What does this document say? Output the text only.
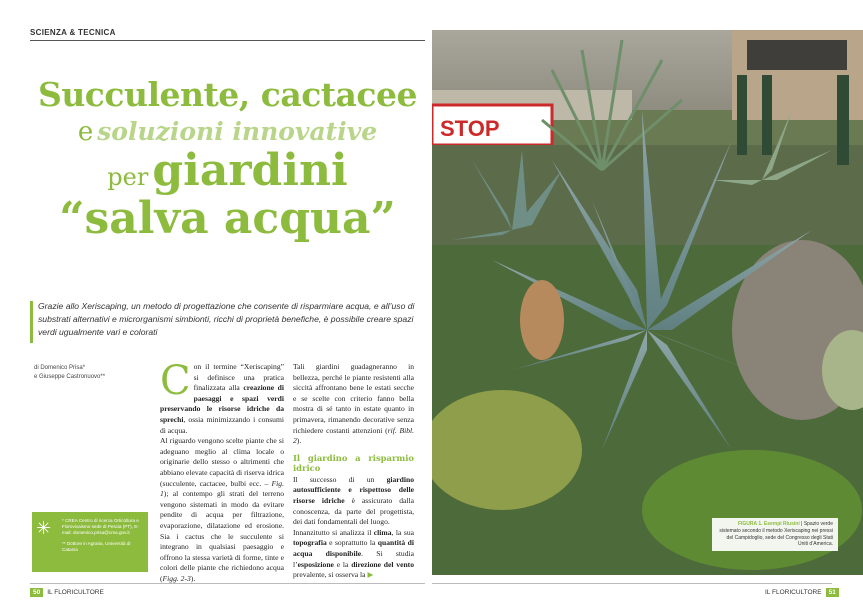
SCIENZA & TECNICA
Succulente, cactacee
e soluzioni innovative
per giardini
“salva acqua”
Grazie allo Xeriscaping, un metodo di progettazione che consente di risparmiare acqua, e all’uso di substrati alternativi e microrganismi simbionti, ricchi di proprietà benefiche, è possibile creare spazi verdi ugualmente vari e colorati
di Domenico Prisa*
e Giuseppe Castronuovo** Con il termine “Xeriscaping” si definisce una pratica finalizzata alla creazione di paesaggi e spazi verdi preservando le risorse idriche da sprechi, ossia minimizzando i consumi di acqua.

Al riguardo vengono scelte piante che si adeguano meglio al clima locale o originarie dello stesso o altrimenti che abbiano elevate capacità di riserva idrica (succulente, cactacee, bulbi ecc. – Fig. 1); al contempo gli strati del terreno vengono sistemati in modo da evitare pendite di acqua per filtrazione, evaporazione, dilatazione ed erosione. Sia i cactus che le succulente si integrano in qualsiasi paesaggio e offrono la stessa varietà di forme, tinte e colori delle piante che richiedono acqua (Figg. 2-3).

Tali giardini guadagneranno in bellezza, perché le piante resistenti alla siccità affrontano bene le estati secche e se scelte con criterio fanno bella mostra di sé tanto in estate quanto in primavera, rimanendo decorative senza richiedere costanti attenzioni (rif. Bibl. 2).

Il giardino a risparmio idrico

Il successo di un giardino autosufficiente e rispettoso delle risorse idriche è assicurato dalla conoscenza, da parte del progettista, dei dati fondamentali del luogo.

Innanzitutto si analizza il clima, la sua topografia e soprattutto la quantità di acqua disponibile. Si studia l’esposizione e la direzione del vento prevalente, si osserva la ▶

✳ * CREA Centro di ricerca Orticoltura e Florovivaismo sede di Pescia (PT), E-mail: domenico.prisa@crea.gov.it
** Dottore in Agraria, Università di Catania
50 IL FLORICULTORE
STOP
FIGURA 1. Esempi Riusini | Spazio verde sistemato secondo il metodo Xeriscaping nei pressi del Campidoglio, sede del Congresso degli Stati Uniti d’America.
IL FLORICULTORE 51
